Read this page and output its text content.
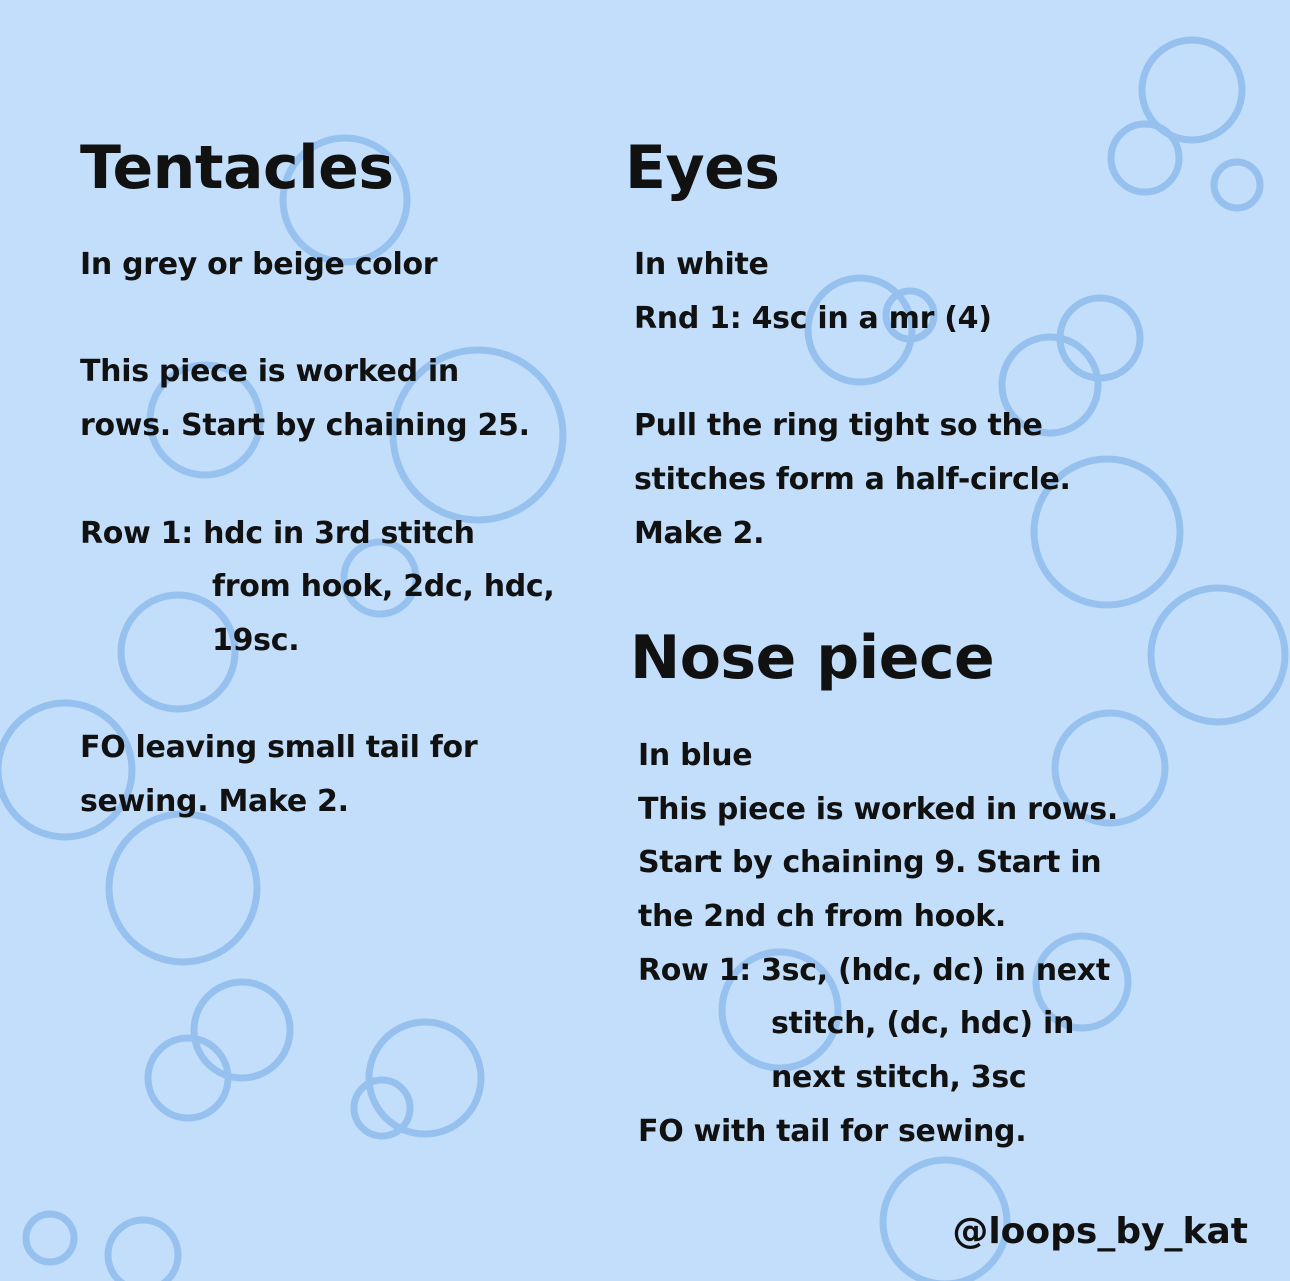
Tentacles

In grey or beige color

This piece is worked in

rows. Start by chaining 25.

Row 1: hdc in 3rd stitch

from hook, 2dc, hdc,

19sc.

FO leaving small tail for

sewing. Make 2.

Eyes

In white

Rnd 1: 4sc in a mr (4)

Pull the ring tight so the

stitches form a half-circle.

Make 2.

Nose piece

In blue

This piece is worked in rows.

Start by chaining 9. Start in

the 2nd ch from hook.

Row 1: 3sc, (hdc, dc) in next

stitch, (dc, hdc) in

next stitch, 3sc

FO with tail for sewing.

@loops_by_kat
